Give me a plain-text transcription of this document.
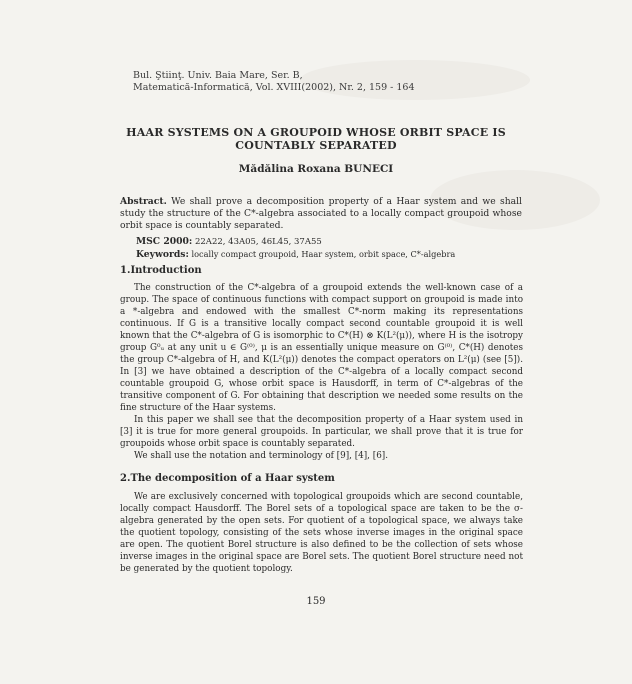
Bul. Ştiinţ. Univ. Baia Mare, Ser. B,
Matematică-Informatică, Vol. XVIII(2002), Nr. 2, 159 - 164
HAAR SYSTEMS ON A GROUPOID WHOSE ORBIT SPACE IS
COUNTABLY SEPARATED
Mădălina Roxana BUNECI
Abstract. We shall prove a decomposition property of a Haar system and we shall study the structure of the C*-algebra associated to a locally compact groupoid whose orbit space is countably separated.
MSC 2000: 22A22, 43A05, 46L45, 37A55
Keywords: locally compact groupoid, Haar system, orbit space, C*-algebra
1.Introduction

The construction of the C*-algebra of a groupoid extends the well-known case of a group. The space of continuous functions with compact support on groupoid is made into a *-algebra and endowed with the smallest C*-norm making its representations continuous. If G is a transitive locally compact second countable groupoid it is well known that the C*-algebra of G is isomorphic to C*(H) ⊗ K(L²(μ)), where H is the isotropy group G⁰ᵤ at any unit u ∈ G⁽⁰⁾, μ is an essentially unique measure on G⁽⁰⁾, C*(H) denotes the group C*-algebra of H, and K(L²(μ)) denotes the compact operators on L²(μ) (see [5]). In [3] we have obtained a description of the C*-algebra of a locally compact second countable groupoid G, whose orbit space is Hausdorff, in term of C*-algebras of the transitive component of G. For obtaining that description we needed some results on the fine structure of the Haar systems.

In this paper we shall see that the decomposition property of a Haar system used in [3] it is true for more general groupoids. In particular, we shall prove that it is true for groupoids whose orbit space is countably separated.

We shall use the notation and terminology of [9], [4], [6].

2.The decomposition of a Haar system

We are exclusively concerned with topological groupoids which are second countable, locally compact Hausdorff. The Borel sets of a topological space are taken to be the σ-algebra generated by the open sets. For quotient of a topological space, we always take the quotient topology, consisting of the sets whose inverse images in the original space are open. The quotient Borel structure is also defined to be the collection of sets whose inverse images in the original space are Borel sets. The quotient Borel structure need not be generated by the quotient topology.

159
